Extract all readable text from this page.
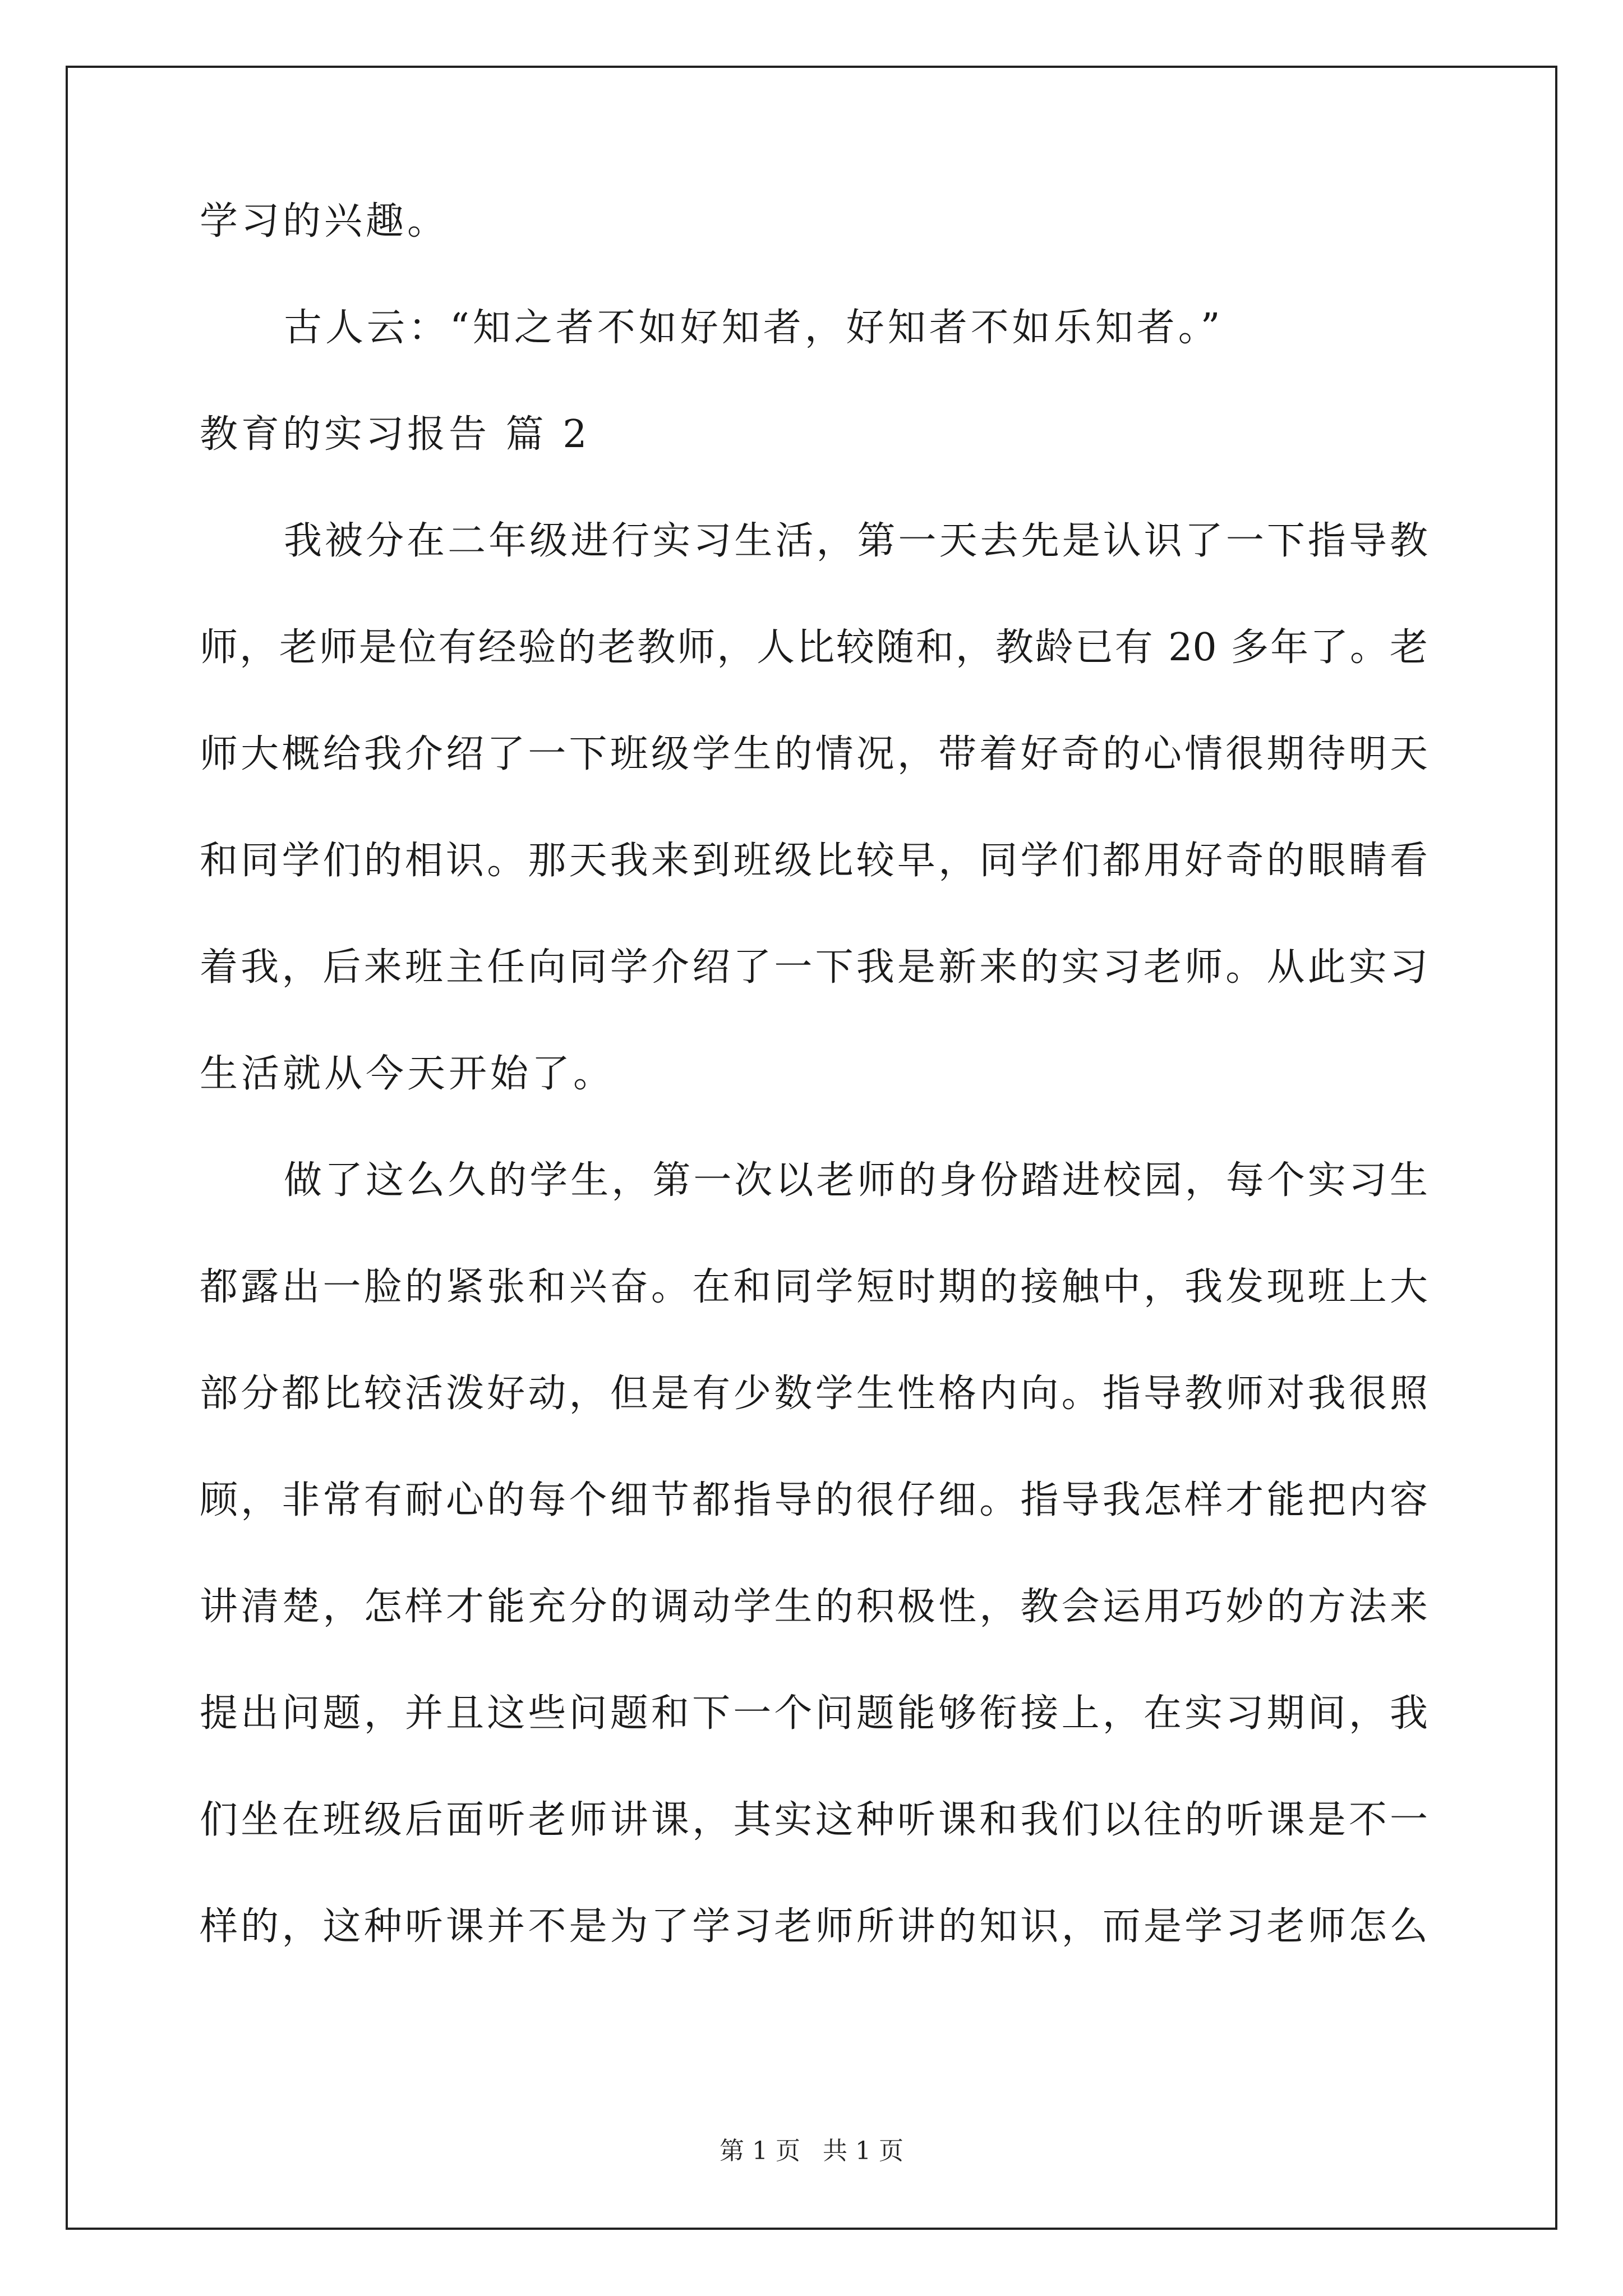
学习的兴趣。
古人云：“知之者不如好知者，好知者不如乐知者。”
教育的实习报告 篇 2
我被分在二年级进行实习生活，第一天去先是认识了一下指导教
师，老师是位有经验的老教师，人比较随和，教龄已有 20 多年了。老
师大概给我介绍了一下班级学生的情况，带着好奇的心情很期待明天
和同学们的相识。那天我来到班级比较早，同学们都用好奇的眼睛看
着我，后来班主任向同学介绍了一下我是新来的实习老师。从此实习
生活就从今天开始了。
做了这么久的学生，第一次以老师的身份踏进校园，每个实习生
都露出一脸的紧张和兴奋。在和同学短时期的接触中，我发现班上大
部分都比较活泼好动，但是有少数学生性格内向。指导教师对我很照
顾，非常有耐心的每个细节都指导的很仔细。指导我怎样才能把内容
讲清楚，怎样才能充分的调动学生的积极性，教会运用巧妙的方法来
提出问题，并且这些问题和下一个问题能够衔接上，在实习期间，我
们坐在班级后面听老师讲课，其实这种听课和我们以往的听课是不一
样的，这种听课并不是为了学习老师所讲的知识，而是学习老师怎么
第 1 页 共 1 页
